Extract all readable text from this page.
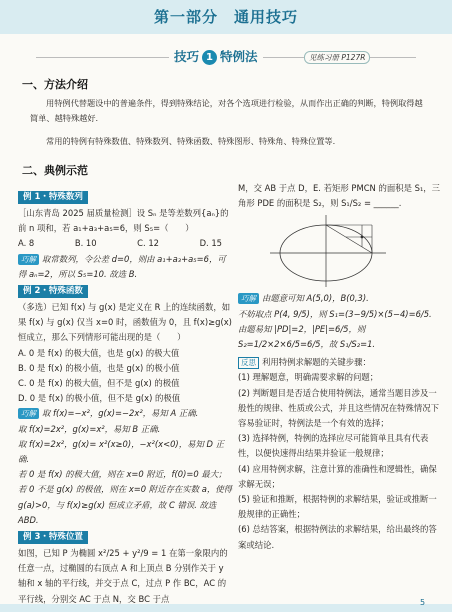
第一部分　通用技巧
技巧 1 特例法	见练习册 P127R
一、方法介绍
用特例代替题设中的普遍条件，得到特殊结论，对各个选项进行检验，从而作出正确的判断，特例取得越简单、越特殊越好.
常用的特例有特殊数值、特殊数列、特殊函数、特殊图形、特殊角、特殊位置等.
二、典例示范
例 1・特殊数列
［山东青岛 2025 届质量检测］设 Sₙ 是等差数列{aₙ}的前 n 项和，若 a₁+a₃+a₅=6，则 S₅=（　　）
A. 8	B. 10	C. 12	D. 15
巧解 取常数列，令公差 d=0，则由 a₁+a₃+a₅=6，可得 aₙ=2，所以 S₅=10. 故选 B.
例 2・特殊函数
（多选）已知 f(x) 与 g(x) 是定义在 R 上的连续函数，如果 f(x) 与 g(x) 仅当 x=0 时，函数值为 0，且 f(x)≥g(x) 恒成立，那么下列情形可能出现的是（　　）
A. 0 是 f(x) 的极大值，也是 g(x) 的极大值
B. 0 是 f(x) 的极小值，也是 g(x) 的极小值
C. 0 是 f(x) 的极大值，但不是 g(x) 的极值
D. 0 是 f(x) 的极小值，但不是 g(x) 的极值
巧解 取 f(x)=−x²，g(x)=−2x²，易知 A 正确.
取 f(x)=2x²，g(x)=x²，易知 B 正确.
取 f(x)=2x²，g(x)= x²(x≥0)，−x²(x<0)，易知 D 正确.
若 0 是 f(x) 的极大值，则在 x=0 附近，f(0)=0 最大；若 0 不是 g(x) 的极值，则在 x=0 附近存在实数 a，使得 g(a)>0，与 f(x)≥g(x) 恒成立矛盾，故 C 错误. 故选 ABD.
例 3・特殊位置
如图，已知 P 为椭圆 x²/25 + y²/9 = 1 在第一象限内的任意一点，过椭圆的右顶点 A 和上顶点 B 分别作关于 y 轴和 x 轴的平行线，并交于点 C，过点 P 作 BC，AC 的平行线，分别交 AC 于点 N，交 BC 于点
M，交 AB 于点 D，E. 若矩形 PMCN 的面积是 S₁，三角形 PDE 的面积是 S₂，则 S₁/S₂ = ______.
巧解 由题意可知 A(5,0)，B(0,3).
不妨取点 P(4, 9/5)，则 S₁=(3−9/5)×(5−4)=6/5.
由题易知 |PD|=2，|PE|=6/5，则 S₂=1/2×2×6/5=6/5，故 S₁/S₂=1.
反思 利用特例求解题的关键步骤：
(1) 理解题意，明确需要求解的问题；
(2) 判断题目是否适合使用特例法，通常当题目涉及一般性的规律、性质或公式，并且这些情况在特殊情况下容易验证时，特例法是一个有效的选择；
(3) 选择特例，特例的选择应尽可能简单且具有代表性，以便快速得出结果并验证一般规律；
(4) 应用特例求解，注意计算的准确性和逻辑性，确保求解无误；
(5) 验证和推断，根据特例的求解结果，验证或推断一般规律的正确性；
(6) 总结答案，根据特例法的求解结果，给出最终的答案或结论.
5
